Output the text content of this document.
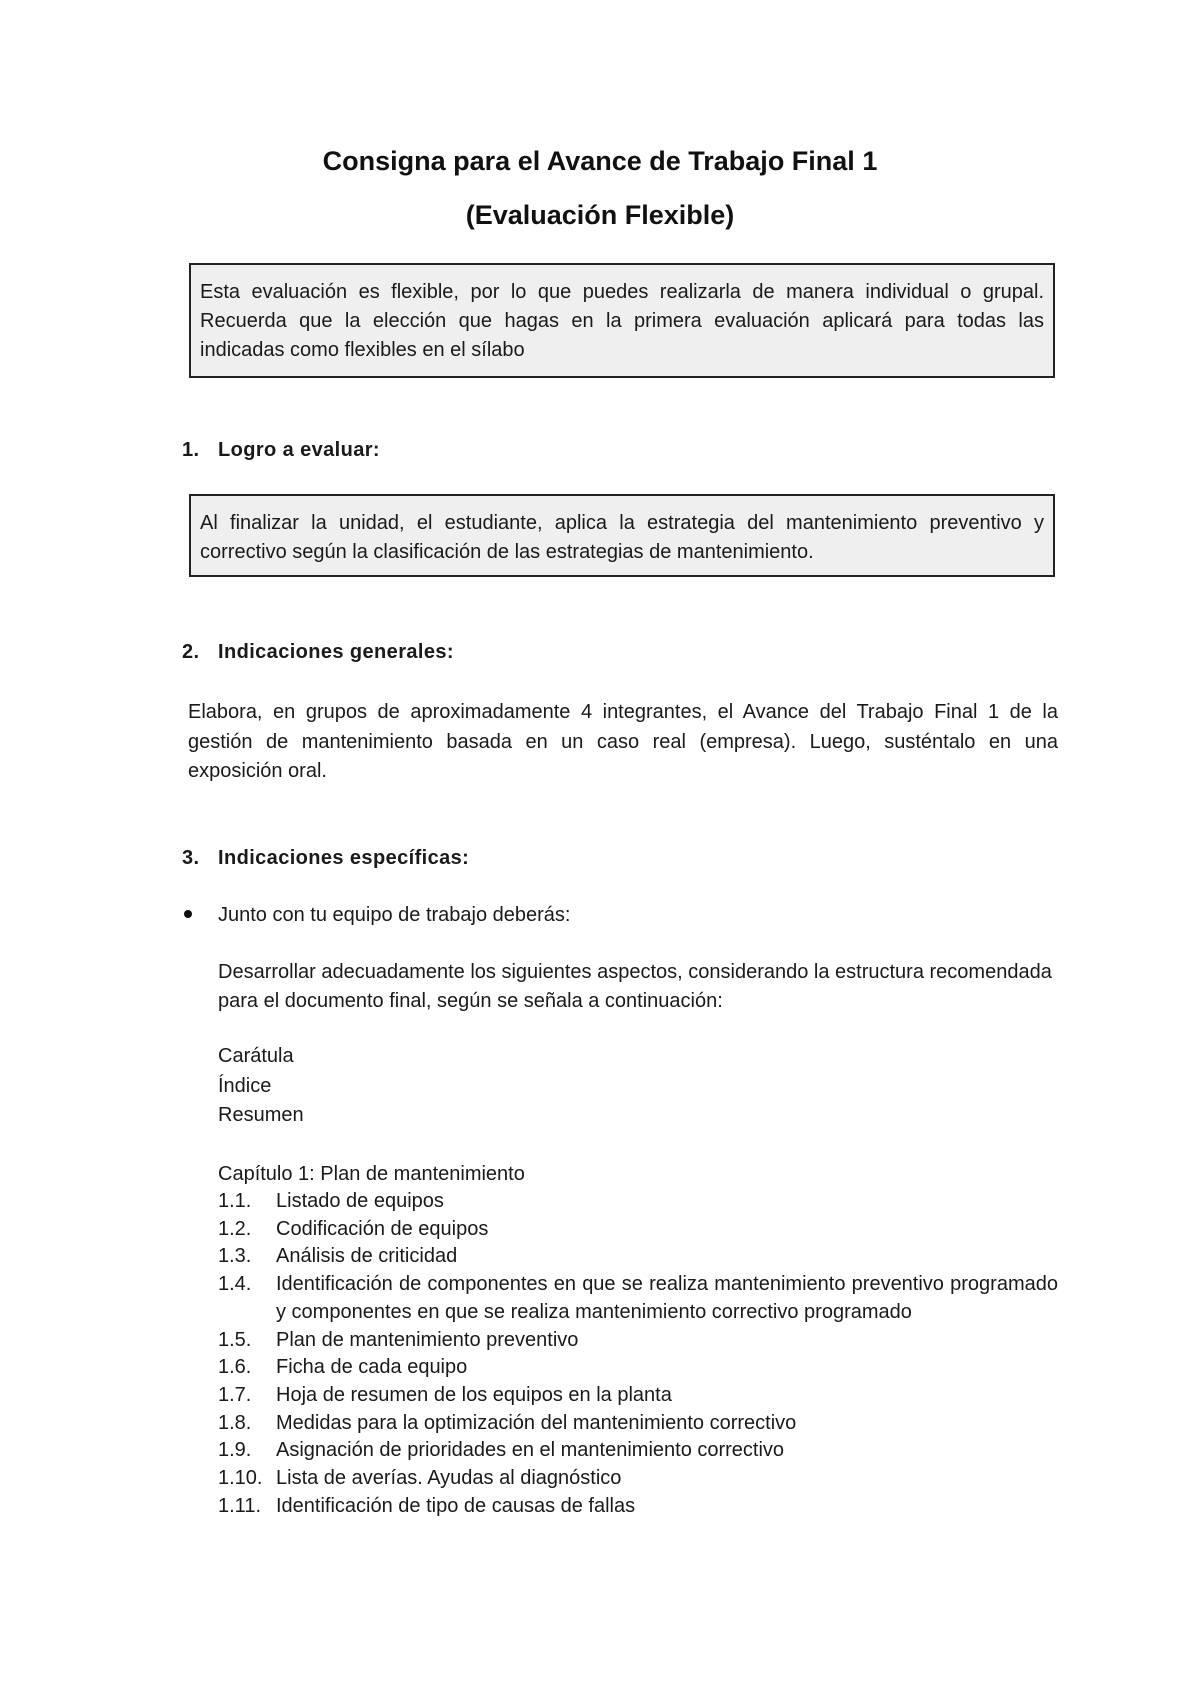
Consigna para el Avance de Trabajo Final 1
(Evaluación Flexible)
Esta evaluación es flexible, por lo que puedes realizarla de manera individual o grupal. Recuerda que la elección que hagas en la primera evaluación aplicará para todas las indicadas como flexibles en el sílabo
1. Logro a evaluar:
Al finalizar la unidad, el estudiante, aplica la estrategia del mantenimiento preventivo y correctivo según la clasificación de las estrategias de mantenimiento.
2. Indicaciones generales:
Elabora, en grupos de aproximadamente 4 integrantes, el Avance del Trabajo Final 1 de la gestión de mantenimiento basada en un caso real (empresa). Luego, susténtalo en una exposición oral.
3. Indicaciones específicas:
Junto con tu equipo de trabajo deberás:
Desarrollar adecuadamente los siguientes aspectos, considerando la estructura recomendada para el documento final, según se señala a continuación:
Carátula
Índice
Resumen
Capítulo 1: Plan de mantenimiento
1.1.	Listado de equipos
1.2.	Codificación de equipos
1.3.	Análisis de criticidad
1.4.	Identificación de componentes en que se realiza mantenimiento preventivo programado y componentes en que se realiza mantenimiento correctivo programado
1.5.	Plan de mantenimiento preventivo
1.6.	Ficha de cada equipo
1.7.	Hoja de resumen de los equipos en la planta
1.8.	Medidas para la optimización del mantenimiento correctivo
1.9.	Asignación de prioridades en el mantenimiento correctivo
1.10. Lista de averías. Ayudas al diagnóstico
1.11. Identificación de tipo de causas de fallas
